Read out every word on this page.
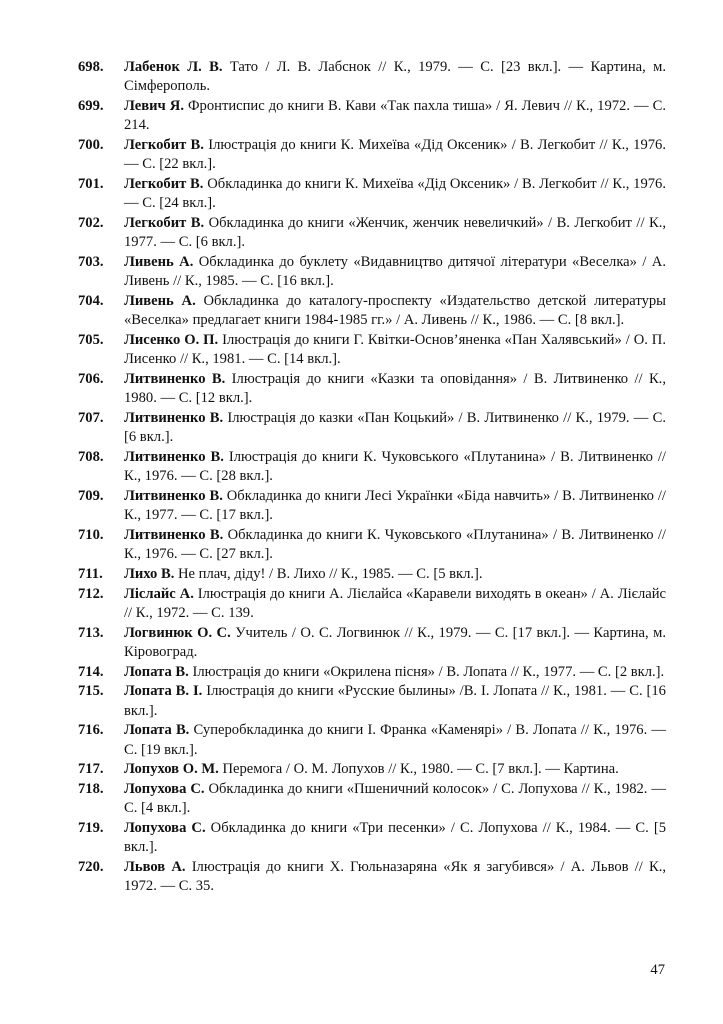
698.	Лабенок Л. В. Тато / Л. В. Лабснок // К., 1979. — С. [23 вкл.]. — Картина, м. Сімферополь.
699.	Левич Я. Фронтиспис до книги В. Кави «Так пахла тиша» / Я. Левич // К., 1972. — С. 214.
700.	Легкобит В. Ілюстрація до книги К. Михеїва «Дід Оксеник» / В. Легкобит // К., 1976. — С. [22 вкл.].
701.	Легкобит В. Обкладинка до книги К. Михеїва «Дід Оксеник» / В. Легкобит // К., 1976. — С. [24 вкл.].
702.	Легкобит В. Обкладинка до книги «Женчик, женчик невеличкий» / В. Легкобит // К., 1977. — С. [6 вкл.].
703.	Ливень А. Обкладинка до буклету «Видавництво дитячої літератури «Веселка» / А. Ливень // К., 1985. — С. [16 вкл.].
704.	Ливень А. Обкладинка до каталогу-проспекту «Издательство детской литературы «Веселка» предлагает книги 1984-1985 гг.» / А. Ливень // К., 1986. — С. [8 вкл.].
705.	Лисенко О. П. Ілюстрація до книги Г. Квітки-Основ’яненка «Пан Халявський» / О. П. Лисенко // К., 1981. — С. [14 вкл.].
706.	Литвиненко В. Ілюстрація до книги «Казки та оповідання» / В. Литвиненко // К., 1980. — С. [12 вкл.].
707.	Литвиненко В. Ілюстрація до казки «Пан Коцький» / В. Литвиненко // К., 1979. — С. [6 вкл.].
708.	Литвиненко В. Ілюстрація до книги К. Чуковського «Плутанина» / В. Литвиненко // К., 1976. — С. [28 вкл.].
709.	Литвиненко В. Обкладинка до книги Лесі Українки «Біда навчить» / В. Литвиненко // К., 1977. — С. [17 вкл.].
710.	Литвиненко В. Обкладинка до книги К. Чуковського «Плутанина» / В. Литвиненко // К., 1976. — С. [27 вкл.].
711.	Лихо В. Не плач, діду! / В. Лихо // К., 1985. — С. [5 вкл.].
712.	Ліслайс А. Ілюстрація до книги А. Лієлайса «Каравели виходять в океан» / А. Лієлайс // К., 1972. — С. 139.
713.	Логвинюк О. С. Учитель / О. С. Логвинюк // К., 1979. — С. [17 вкл.]. — Картина, м. Кіровоград.
714.	Лопата В. Ілюстрація до книги «Окрилена пісня» / В. Лопата // К., 1977. — С. [2 вкл.].
715.	Лопата В. І. Ілюстрація до книги «Русские былины» /В. І. Лопата // К., 1981. — С. [16 вкл.].
716.	Лопата В. Суперобкладинка до книги І. Франка «Каменярі» / В. Лопата // К., 1976. — С. [19 вкл.].
717.	Лопухов О. М. Перемога / О. М. Лопухов // К., 1980. — С. [7 вкл.]. — Картина.
718.	Лопухова С. Обкладинка до книги «Пшеничний колосок» / С. Лопухова // К., 1982. — С. [4 вкл.].
719.	Лопухова С. Обкладинка до книги «Три песенки» / С. Лопухова // К., 1984. — С. [5 вкл.].
720.	Львов А. Ілюстрація до книги Х. Гюльназаряна «Як я загубився» / А. Львов // К., 1972. — С. 35.
47
